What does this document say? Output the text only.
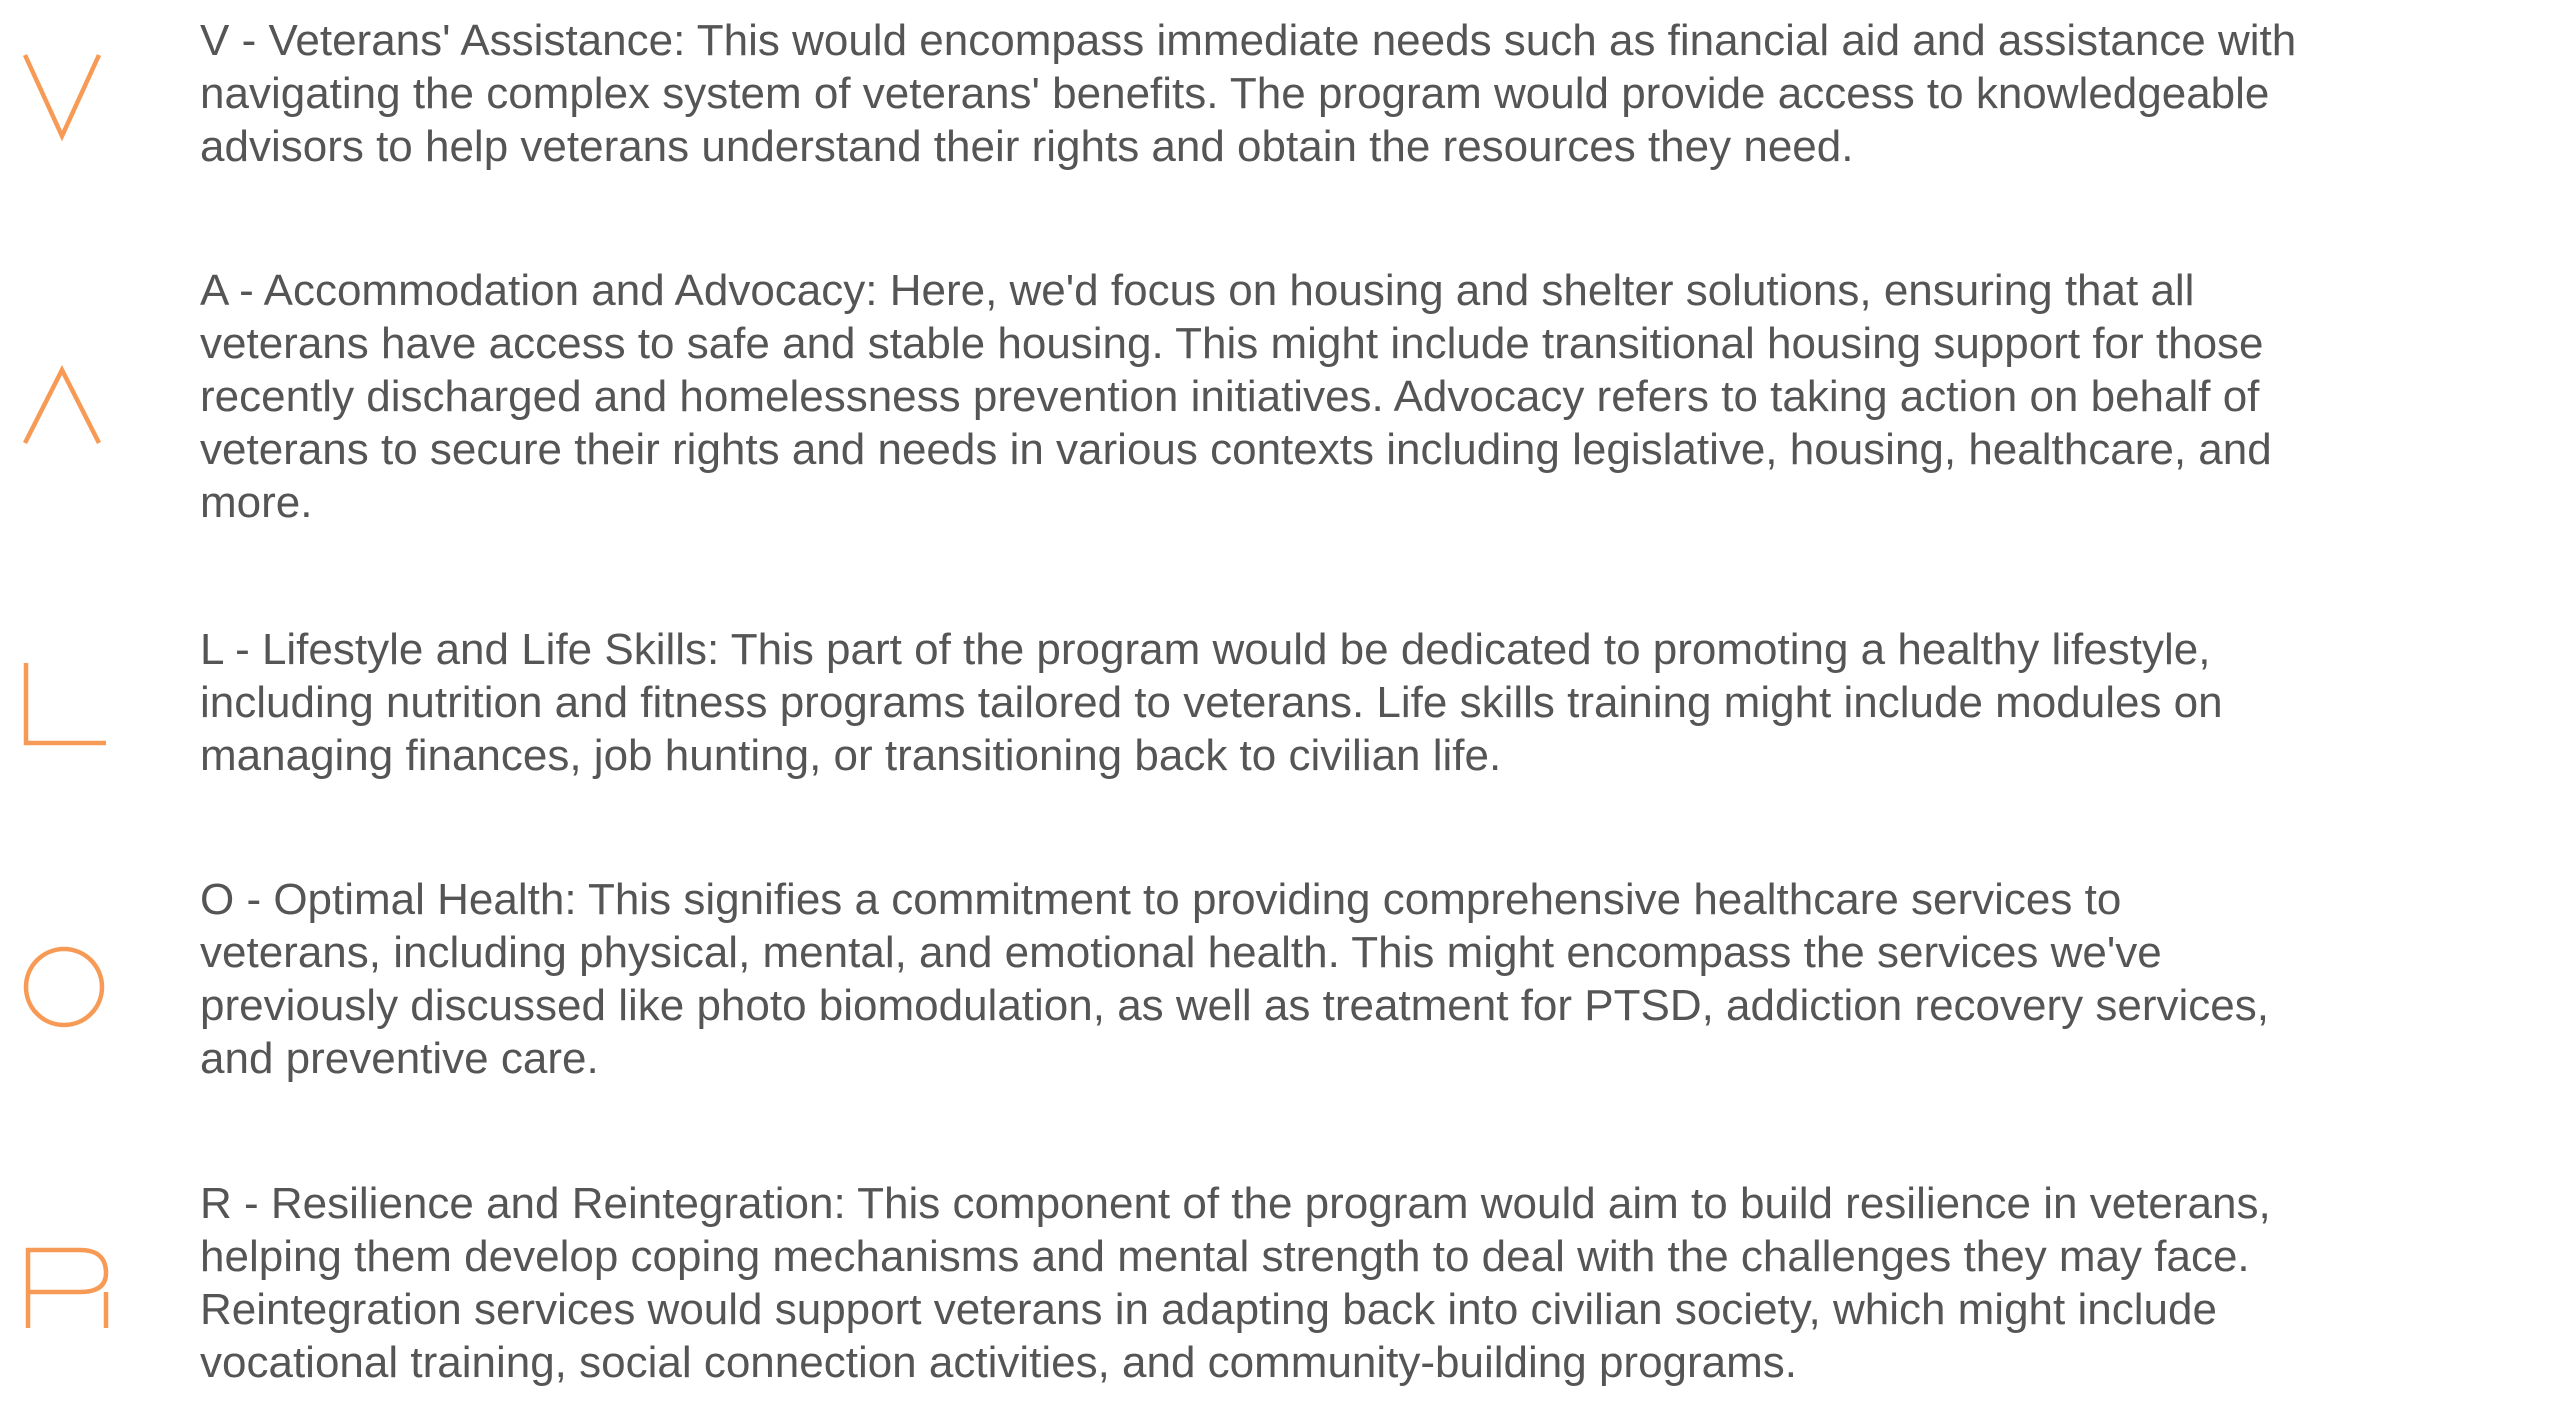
V - Veterans' Assistance: This would encompass immediate needs such as financial aid and assistance with
navigating the complex system of veterans' benefits. The program would provide access to knowledgeable
advisors to help veterans understand their rights and obtain the resources they need.

A - Accommodation and Advocacy: Here, we'd focus on housing and shelter solutions, ensuring that all
veterans have access to safe and stable housing. This might include transitional housing support for those
recently discharged and homelessness prevention initiatives. Advocacy refers to taking action on behalf of
veterans to secure their rights and needs in various contexts including legislative, housing, healthcare, and
more.

L - Lifestyle and Life Skills: This part of the program would be dedicated to promoting a healthy lifestyle,
including nutrition and fitness programs tailored to veterans. Life skills training might include modules on
managing finances, job hunting, or transitioning back to civilian life.

O - Optimal Health: This signifies a commitment to providing comprehensive healthcare services to
veterans, including physical, mental, and emotional health. This might encompass the services we've
previously discussed like photo biomodulation, as well as treatment for PTSD, addiction recovery services,
and preventive care.

R - Resilience and Reintegration: This component of the program would aim to build resilience in veterans,
helping them develop coping mechanisms and mental strength to deal with the challenges they may face.
Reintegration services would support veterans in adapting back into civilian society, which might include
vocational training, social connection activities, and community-building programs.
